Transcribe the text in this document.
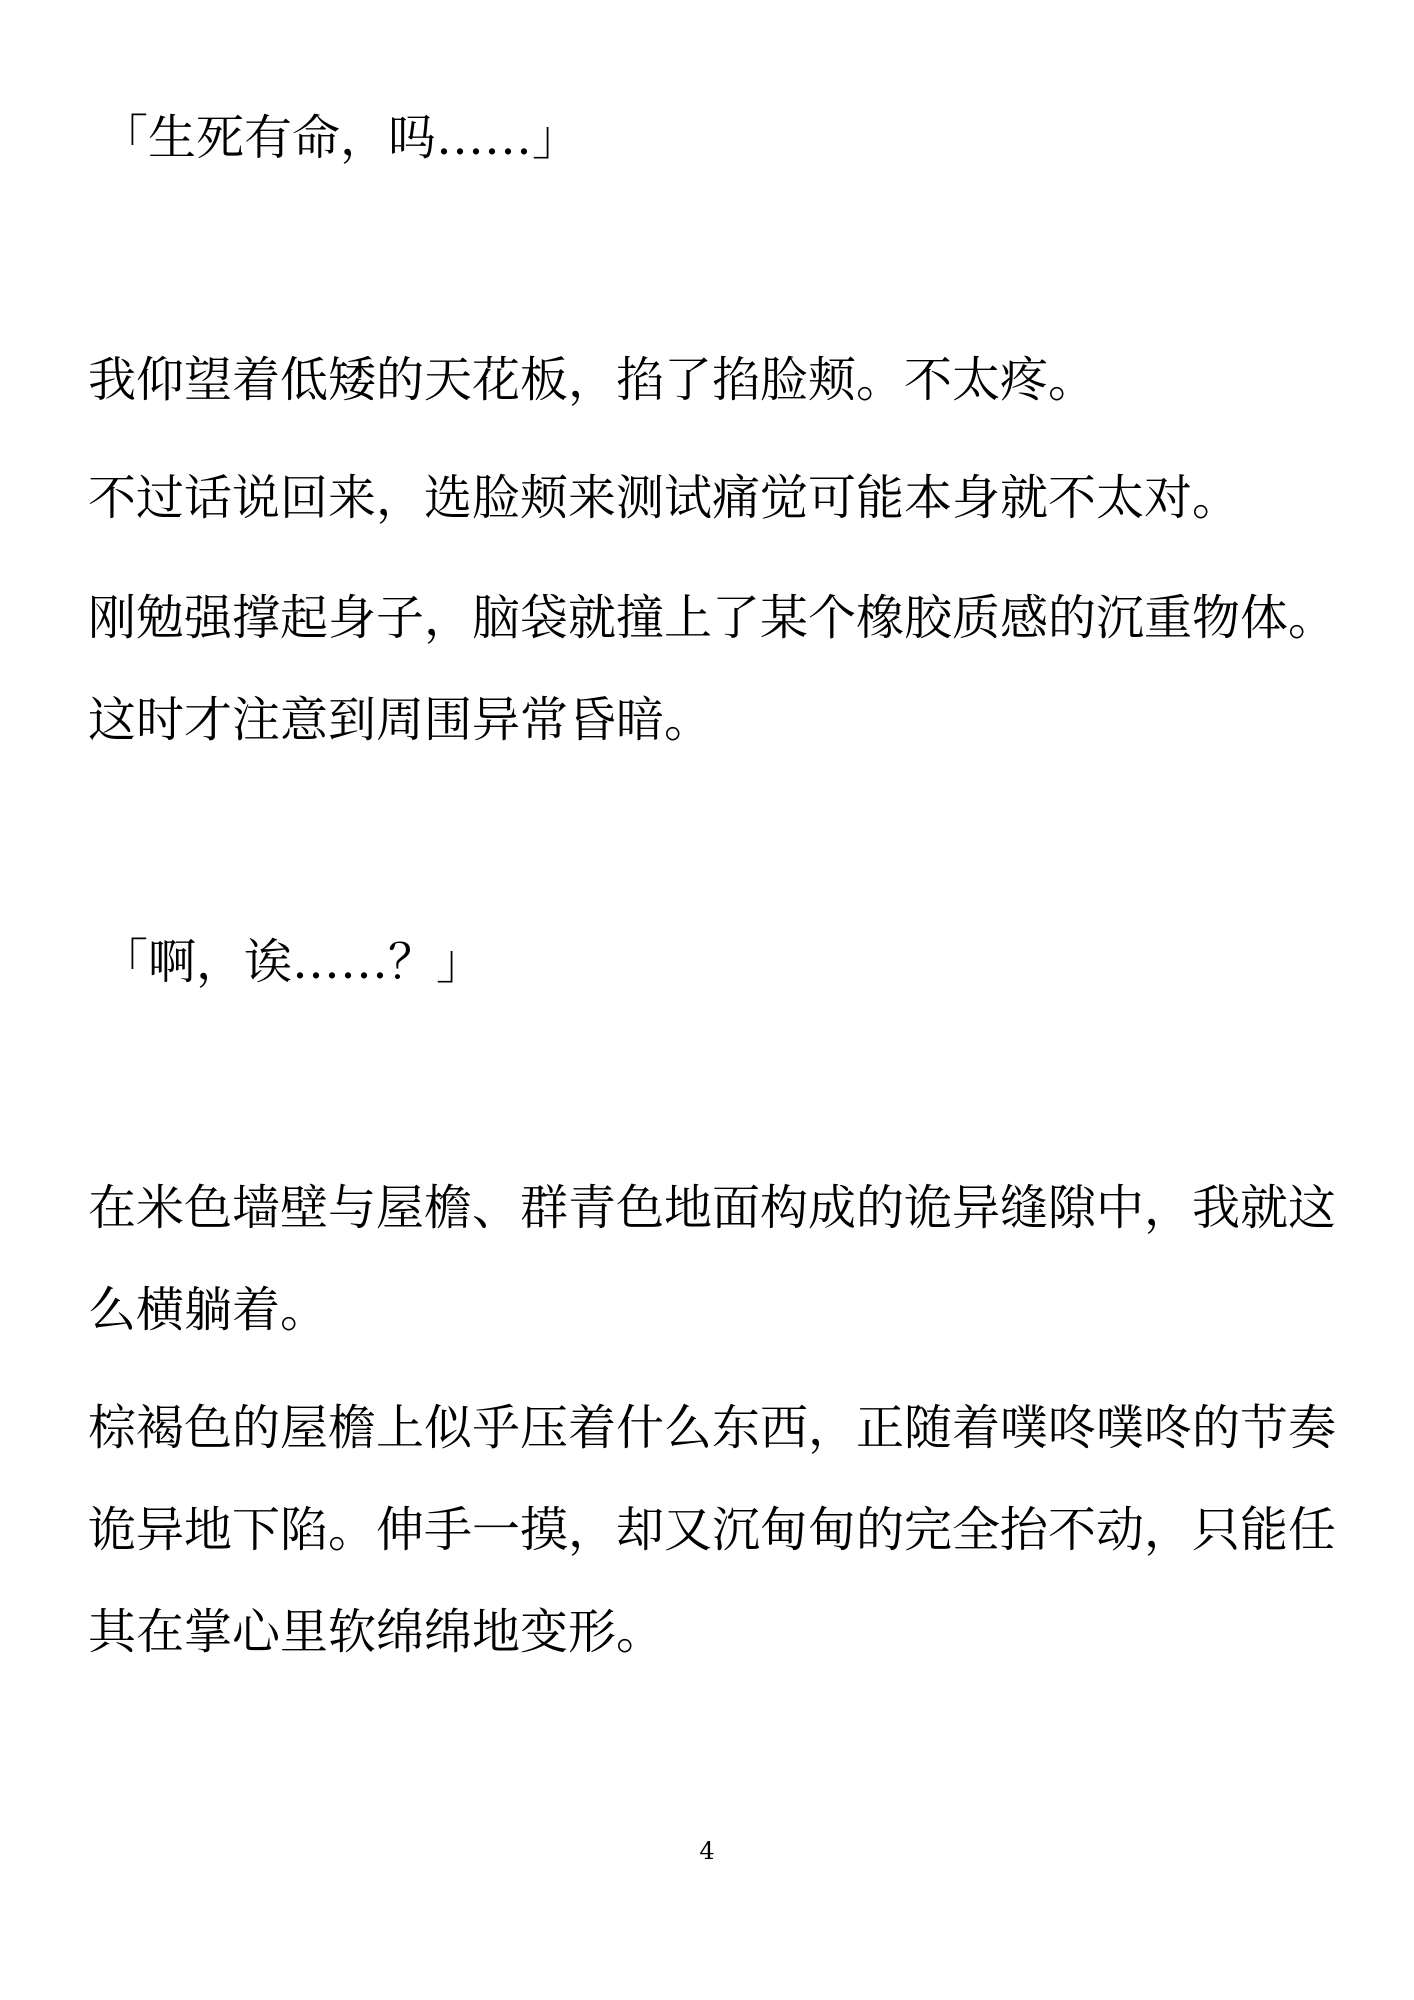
「生死有命，吗……」
我仰望着低矮的天花板，掐了掐脸颊。不太疼。
不过话说回来，选脸颊来测试痛觉可能本身就不太对。
刚勉强撑起身子，脑袋就撞上了某个橡胶质感的沉重物体。
这时才注意到周围异常昏暗。
「啊，诶……？」
在米色墙壁与屋檐、群青色地面构成的诡异缝隙中，我就这
么横躺着。
棕褐色的屋檐上似乎压着什么东西，正随着噗咚噗咚的节奏
诡异地下陷。伸手一摸，却又沉甸甸的完全抬不动，只能任
其在掌心里软绵绵地变形。
4
